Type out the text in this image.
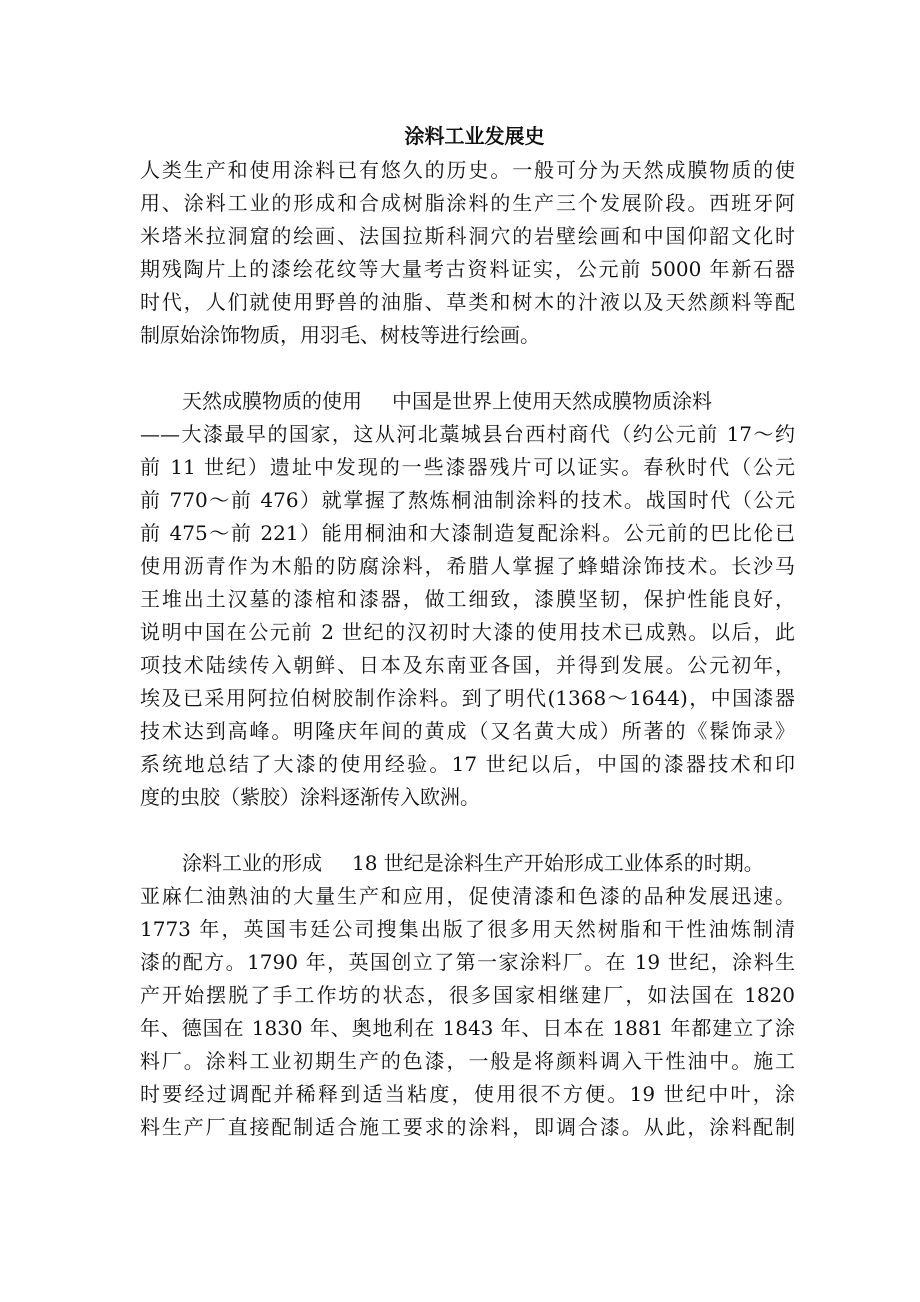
涂料工业发展史
人类生产和使用涂料已有悠久的历史。一般可分为天然成膜物质的使
用、涂料工业的形成和合成树脂涂料的生产三个发展阶段。西班牙阿
米塔米拉洞窟的绘画、法国拉斯科洞穴的岩壁绘画和中国仰韶文化时
期残陶片上的漆绘花纹等大量考古资料证实，公元前 5000 年新石器
时代，人们就使用野兽的油脂、草类和树木的汁液以及天然颜料等配
制原始涂饰物质，用羽毛、树枝等进行绘画。
天然成膜物质的使用 中国是世界上使用天然成膜物质涂料
——大漆最早的国家，这从河北藁城县台西村商代（约公元前 17～约
前 11 世纪）遗址中发现的一些漆器残片可以证实。春秋时代（公元
前 770～前 476）就掌握了熬炼桐油制涂料的技术。战国时代（公元
前 475～前 221）能用桐油和大漆制造复配涂料。公元前的巴比伦已
使用沥青作为木船的防腐涂料，希腊人掌握了蜂蜡涂饰技术。长沙马
王堆出土汉墓的漆棺和漆器，做工细致，漆膜坚韧，保护性能良好，
说明中国在公元前 2 世纪的汉初时大漆的使用技术已成熟。以后，此
项技术陆续传入朝鲜、日本及东南亚各国，并得到发展。公元初年，
埃及已采用阿拉伯树胶制作涂料。到了明代(1368～1644)，中国漆器
技术达到高峰。明隆庆年间的黄成（又名黄大成）所著的《髹饰录》
系统地总结了大漆的使用经验。17 世纪以后，中国的漆器技术和印
度的虫胶（紫胶）涂料逐渐传入欧洲。
涂料工业的形成 18 世纪是涂料生产开始形成工业体系的时期。
亚麻仁油熟油的大量生产和应用，促使清漆和色漆的品种发展迅速。
1773 年，英国韦廷公司搜集出版了很多用天然树脂和干性油炼制清
漆的配方。1790 年，英国创立了第一家涂料厂。在 19 世纪，涂料生
产开始摆脱了手工作坊的状态，很多国家相继建厂，如法国在 1820
年、德国在 1830 年、奥地利在 1843 年、日本在 1881 年都建立了涂
料厂。涂料工业初期生产的色漆，一般是将颜料调入干性油中。施工
时要经过调配并稀释到适当粘度，使用很不方便。19 世纪中叶，涂
料生产厂直接配制适合施工要求的涂料，即调合漆。从此，涂料配制
